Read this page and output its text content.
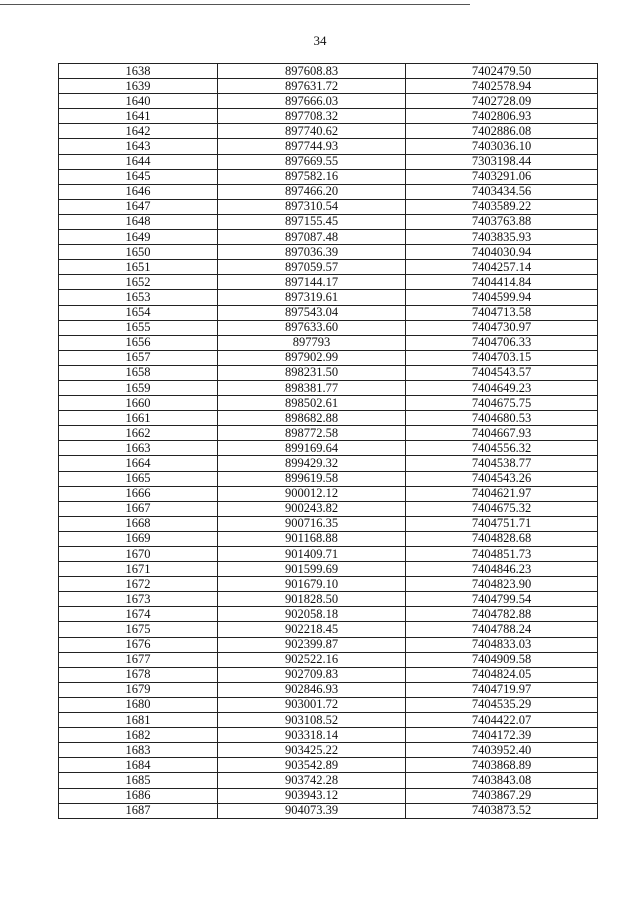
34
1638	897608.83	7402479.50
1639	897631.72	7402578.94
1640	897666.03	7402728.09
1641	897708.32	7402806.93
1642	897740.62	7402886.08
1643	897744.93	7403036.10
1644	897669.55	7303198.44
1645	897582.16	7403291.06
1646	897466.20	7403434.56
1647	897310.54	7403589.22
1648	897155.45	7403763.88
1649	897087.48	7403835.93
1650	897036.39	7404030.94
1651	897059.57	7404257.14
1652	897144.17	7404414.84
1653	897319.61	7404599.94
1654	897543.04	7404713.58
1655	897633.60	7404730.97
1656	897793	7404706.33
1657	897902.99	7404703.15
1658	898231.50	7404543.57
1659	898381.77	7404649.23
1660	898502.61	7404675.75
1661	898682.88	7404680.53
1662	898772.58	7404667.93
1663	899169.64	7404556.32
1664	899429.32	7404538.77
1665	899619.58	7404543.26
1666	900012.12	7404621.97
1667	900243.82	7404675.32
1668	900716.35	7404751.71
1669	901168.88	7404828.68
1670	901409.71	7404851.73
1671	901599.69	7404846.23
1672	901679.10	7404823.90
1673	901828.50	7404799.54
1674	902058.18	7404782.88
1675	902218.45	7404788.24
1676	902399.87	7404833.03
1677	902522.16	7404909.58
1678	902709.83	7404824.05
1679	902846.93	7404719.97
1680	903001.72	7404535.29
1681	903108.52	7404422.07
1682	903318.14	7404172.39
1683	903425.22	7403952.40
1684	903542.89	7403868.89
1685	903742.28	7403843.08
1686	903943.12	7403867.29
1687	904073.39	7403873.52
